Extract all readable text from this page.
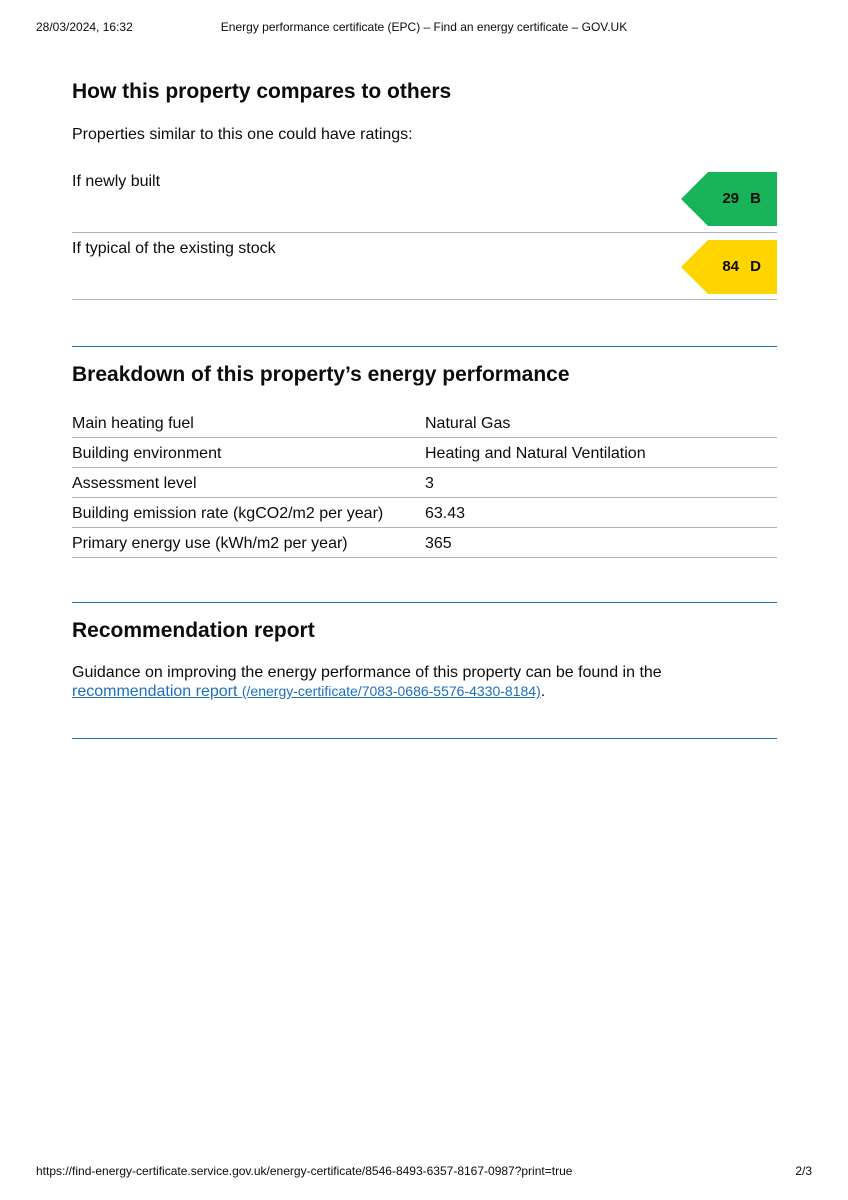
28/03/2024, 16:32	Energy performance certificate (EPC) – Find an energy certificate – GOV.UK
How this property compares to others

Properties similar to this one could have ratings:

If newly built
29 B
If typical of the existing stock
84 D
Breakdown of this property’s energy performance
Main heating fuel	Natural Gas
Building environment	Heating and Natural Ventilation
Assessment level	3
Building emission rate (kgCO2/m2 per year)	63.43
Primary energy use (kWh/m2 per year)	365
Recommendation report

Guidance on improving the energy performance of this property can be found in the recommendation report (/energy-certificate/7083-0686-5576-4330-8184).

https://find-energy-certificate.service.gov.uk/energy-certificate/8546-8493-6357-8167-0987?print=true	2/3
